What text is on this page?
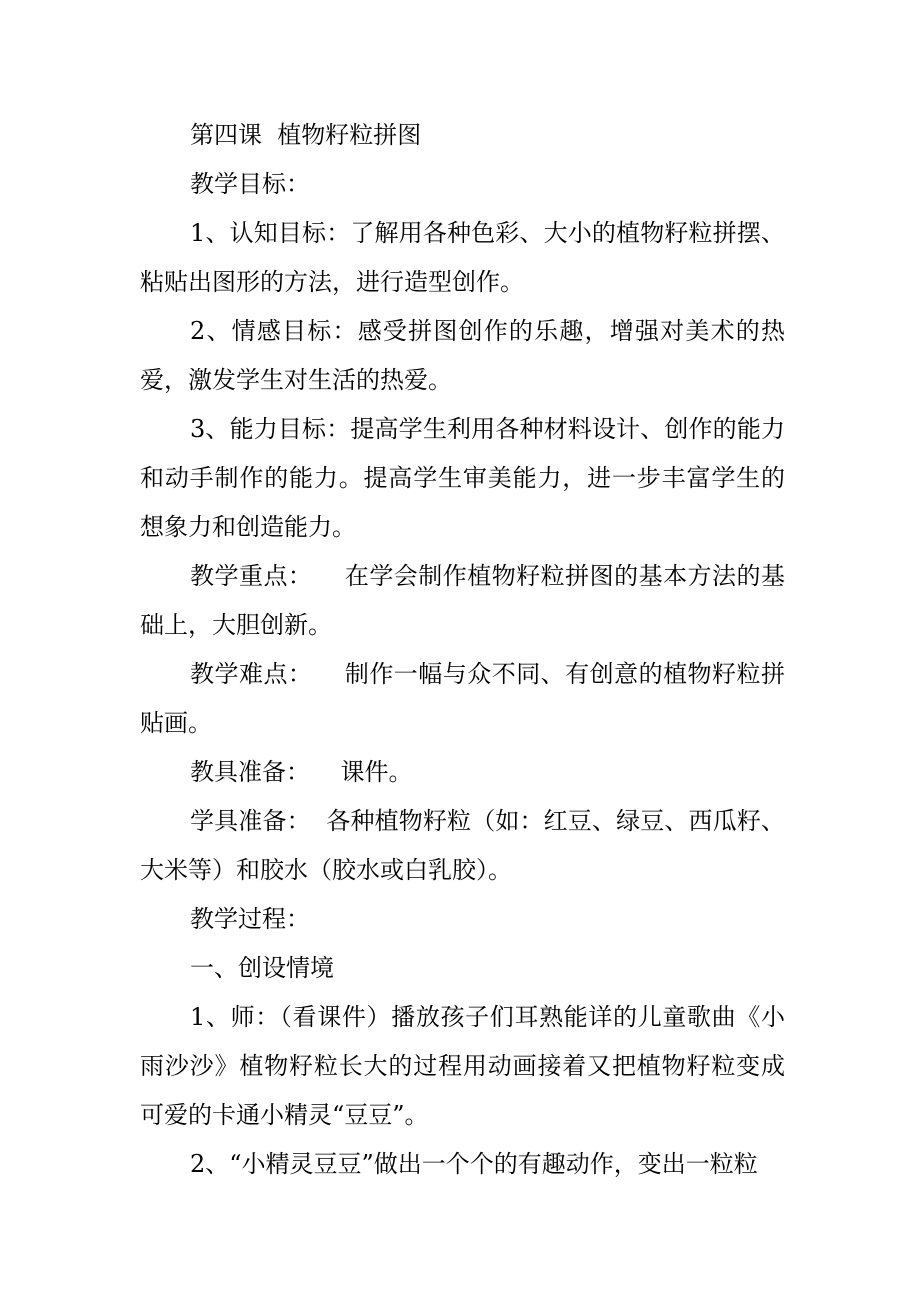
第四课  植物籽粒拼图

教学目标：

1、认知目标：了解用各种色彩、大小的植物籽粒拼摆、粘贴出图形的方法，进行造型创作。

2、情感目标：感受拼图创作的乐趣，增强对美术的热爱，激发学生对生活的热爱。

3、能力目标：提高学生利用各种材料设计、创作的能力和动手制作的能力。提高学生审美能力，进一步丰富学生的想象力和创造能力。

教学重点：    在学会制作植物籽粒拼图的基本方法的基础上，大胆创新。

教学难点：    制作一幅与众不同、有创意的植物籽粒拼贴画。

教具准备：    课件。

学具准备：  各种植物籽粒（如：红豆、绿豆、西瓜籽、大米等）和胶水（胶水或白乳胶）。

教学过程：

一、创设情境

1、师：（看课件）播放孩子们耳熟能详的儿童歌曲《小雨沙沙》植物籽粒长大的过程用动画接着又把植物籽粒变成可爱的卡通小精灵“豆豆”。

2、“小精灵豆豆”做出一个个的有趣动作，变出一粒粒
